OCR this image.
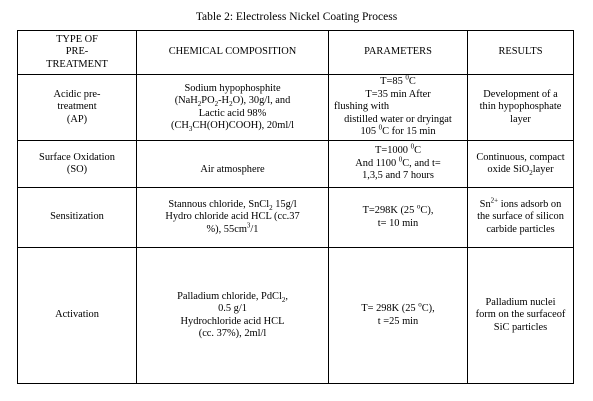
Table 2: Electroless Nickel Coating Process
TYPE OF
PRE-
TREATMENT	CHEMICAL COMPOSITION	PARAMETERS	RESULTS

Acidic pre-
treatment
(AP)	Sodium hypophosphite
$(NaH_2PO_2-H_2O)$, 30g/l, and
Lactic acid 98%
$(CH_3CH(OH)COOH)$, 20ml/l	T=85 $^0$C
T=35 min After
flushing with
distilled water or dryingat
105 $^0$C for 15 min	Development of a
thin hypophosphate
layer

Surface Oxidation
(SO)	Air atmosphere	T=1000 $^0$C
And 1100 $^0$C, and t=
1,3,5 and 7 hours	Continuous, compact
oxide SiO$_2$layer

Sensitization	Stannous chloride, SnCl$_2$ 15g/l
Hydro chloride acid HCL (cc.37
%), $55cm^3/1$	T=298K (25 $^o$C),
t= 10 min	$Sn^{2+}$ ions adsorb on
the surface of silicon
carbide particles

Activation	Palladium chloride, PdCl$_2$,
0.5 g/1
Hydrochloride acid HCL
(cc. 37%), 2ml/l	T= 298K (25 $^o$C),
t =25 min	Palladium nuclei
form on the surfaceof
SiC particles
